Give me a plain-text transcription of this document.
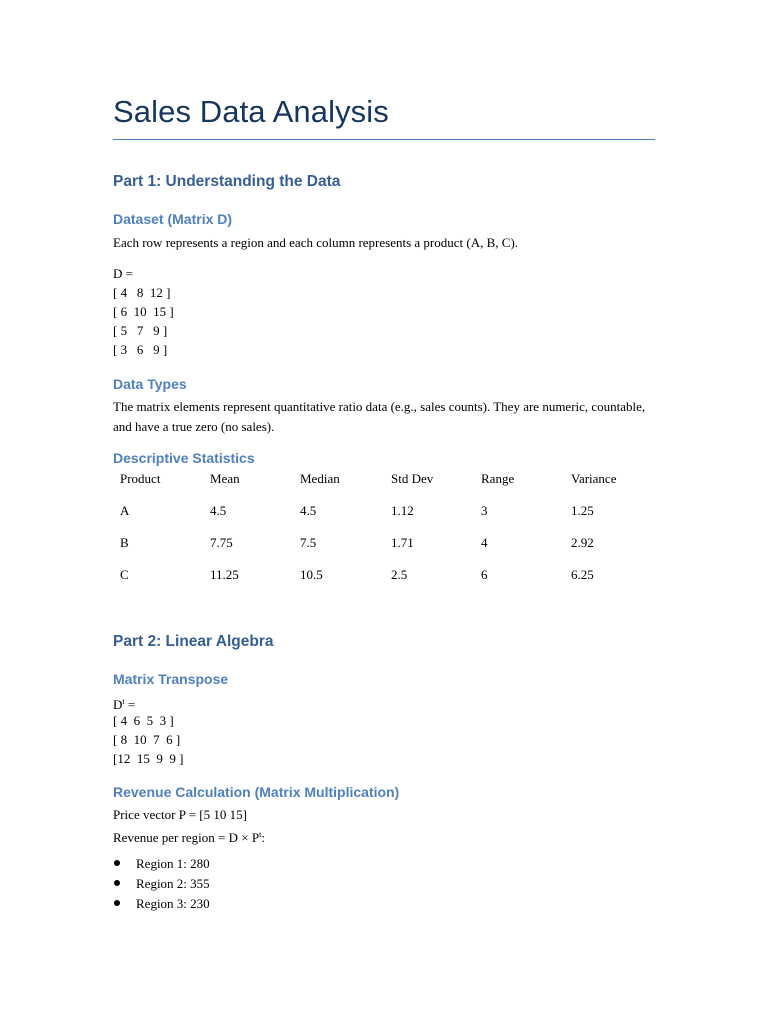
Sales Data Analysis
Part 1: Understanding the Data
Dataset (Matrix D)
Each row represents a region and each column represents a product (A, B, C).
D =
[ 4   8  12 ]
[ 6  10  15 ]
[ 5   7   9 ]
[ 3   6   9 ]
Data Types
The matrix elements represent quantitative ratio data (e.g., sales counts). They are numeric, countable, and have a true zero (no sales).
Descriptive Statistics
Product	Mean	Median	Std Dev	Range	Variance
A	4.5	4.5	1.12	3	1.25
B	7.75	7.5	1.71	4	2.92
C	11.25	10.5	2.5	6	6.25
Part 2: Linear Algebra
Matrix Transpose
$D^t$ =
[ 4  6  5  3 ]
[ 8  10  7  6 ]
[12  15  9  9 ]
Revenue Calculation (Matrix Multiplication)
Price vector P = [5 10 15]
Revenue per region = $D \times P^t$:
Region 1: 280
Region 2: 355
Region 3: 230
